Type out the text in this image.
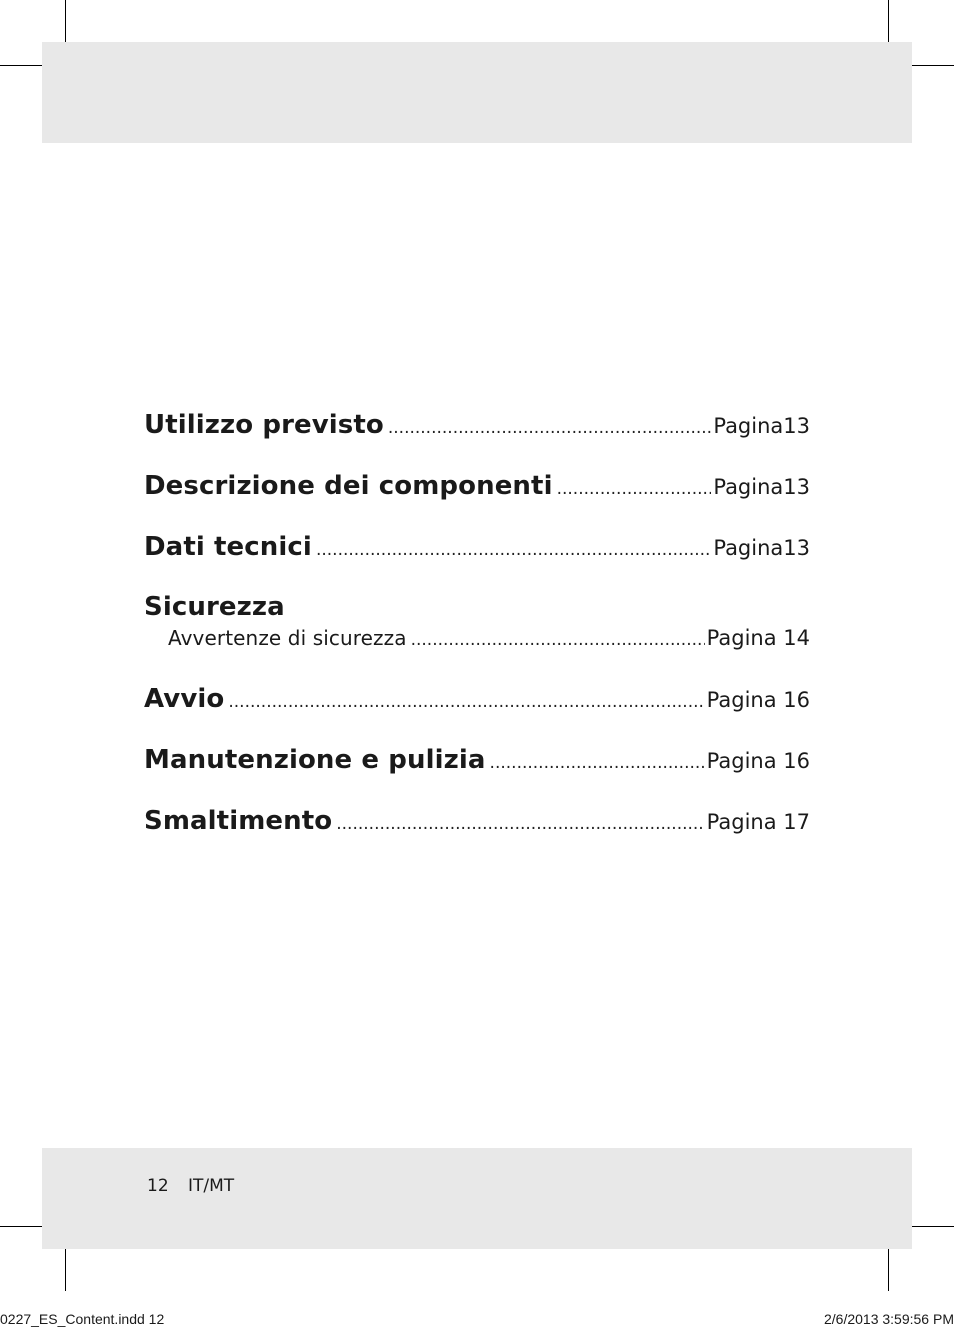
Utilizzo previsto .....	Pagina13
Descrizione dei componenti .....	Pagina13
Dati tecnici .....	Pagina13
Sicurezza
Avvertenze di sicurezza .....	Pagina 14
Avvio .....	Pagina 16
Manutenzione e pulizia .....	Pagina 16
Smaltimento .....	Pagina 17
12 IT/MT
0227_ES_Content.indd 12	2/6/2013 3:59:56 PM
